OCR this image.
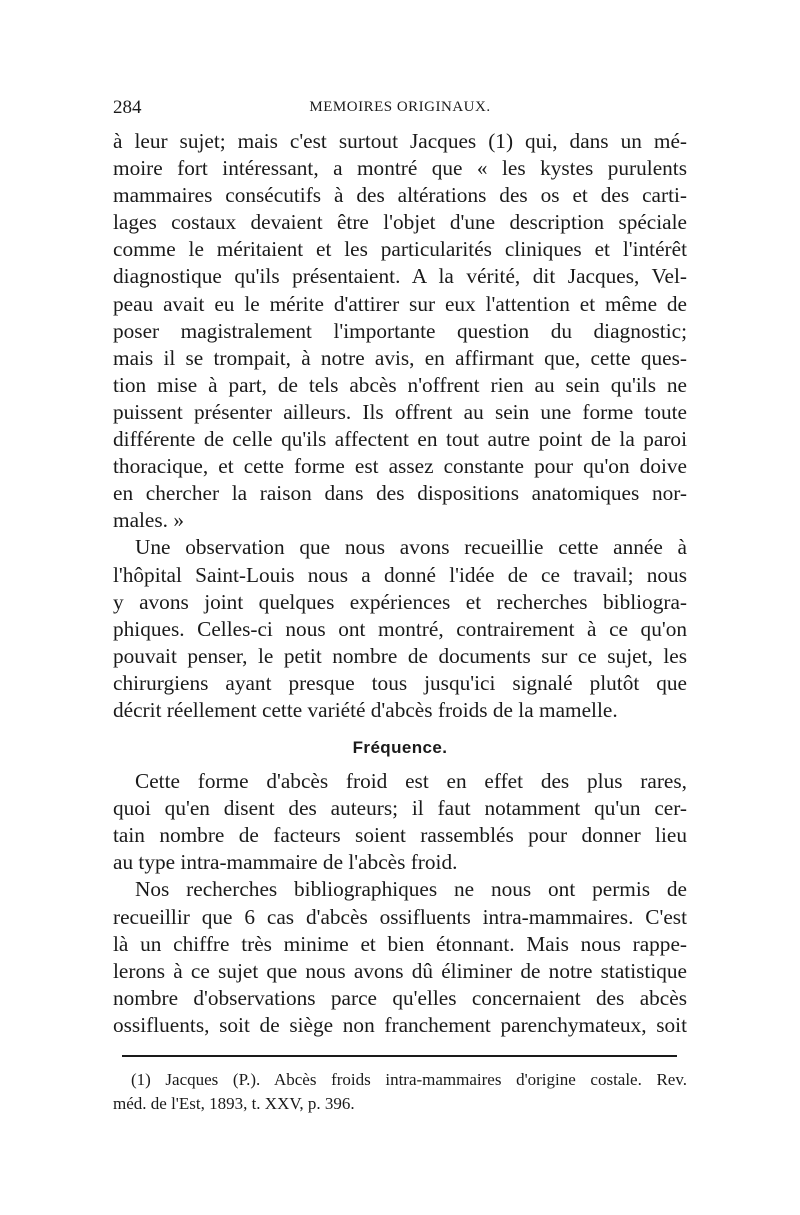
284	MEMOIRES ORIGINAUX.

à leur sujet; mais c'est surtout Jacques (1) qui, dans un mé-
moire fort intéressant, a montré que « les kystes purulents
mammaires consécutifs à des altérations des os et des carti-
lages costaux devaient être l'objet d'une description spéciale
comme le méritaient et les particularités cliniques et l'intérêt
diagnostique qu'ils présentaient. A la vérité, dit Jacques, Vel-
peau avait eu le mérite d'attirer sur eux l'attention et même de
poser magistralement l'importante question du diagnostic;
mais il se trompait, à notre avis, en affirmant que, cette ques-
tion mise à part, de tels abcès n'offrent rien au sein qu'ils ne
puissent présenter ailleurs. Ils offrent au sein une forme toute
différente de celle qu'ils affectent en tout autre point de la paroi
thoracique, et cette forme est assez constante pour qu'on doive
en chercher la raison dans des dispositions anatomiques nor-
males. »

Une observation que nous avons recueillie cette année à
l'hôpital Saint-Louis nous a donné l'idée de ce travail; nous
y avons joint quelques expériences et recherches bibliogra-
phiques. Celles-ci nous ont montré, contrairement à ce qu'on
pouvait penser, le petit nombre de documents sur ce sujet, les
chirurgiens ayant presque tous jusqu'ici signalé plutôt que
décrit réellement cette variété d'abcès froids de la mamelle.

Fréquence.

Cette forme d'abcès froid est en effet des plus rares,
quoi qu'en disent des auteurs; il faut notamment qu'un cer-
tain nombre de facteurs soient rassemblés pour donner lieu
au type intra-mammaire de l'abcès froid.

Nos recherches bibliographiques ne nous ont permis de
recueillir que 6 cas d'abcès ossifluents intra-mammaires. C'est
là un chiffre très minime et bien étonnant. Mais nous rappe-
lerons à ce sujet que nous avons dû éliminer de notre statistique
nombre d'observations parce qu'elles concernaient des abcès
ossifluents, soit de siège non franchement parenchymateux, soit

(1) Jacques (P.). Abcès froids intra-mammaires d'origine costale. Rev.
méd. de l'Est, 1893, t. XXV, p. 396.
